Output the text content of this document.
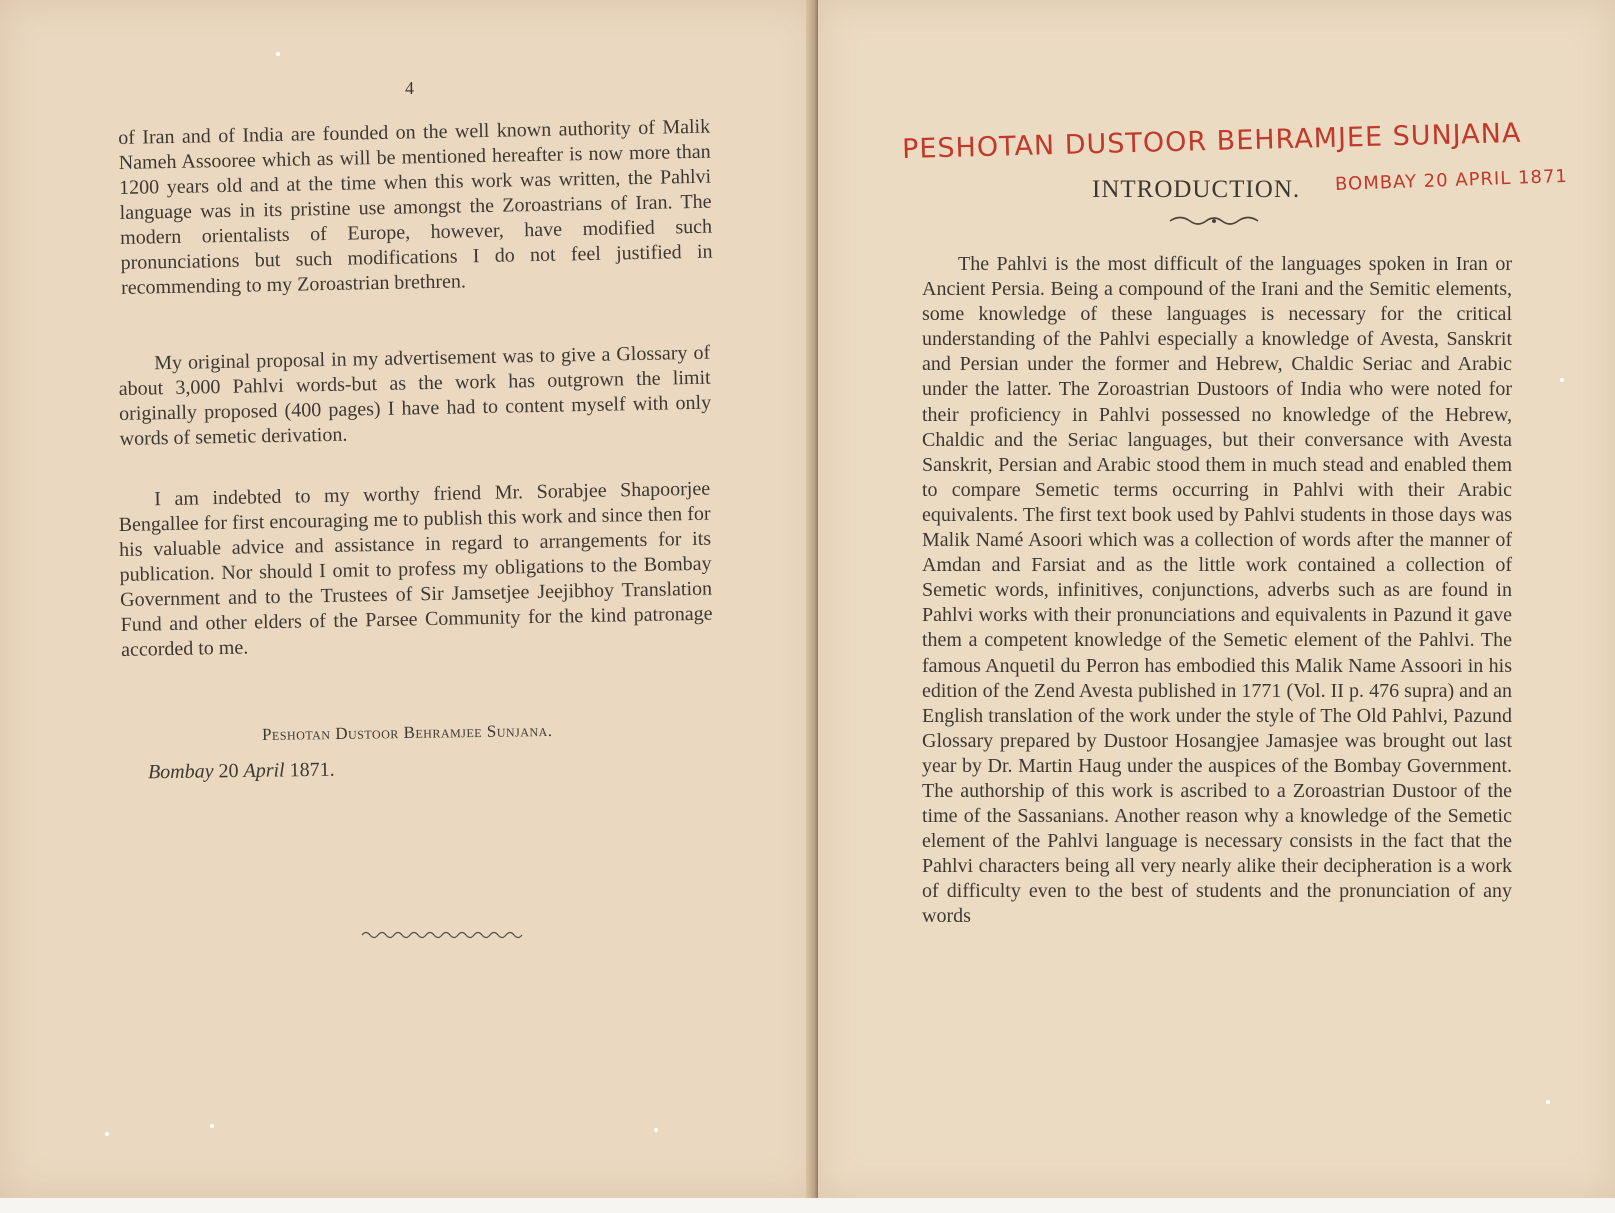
4
of Iran and of India are founded on the well known authority of Malik Nameh Assooree which as will be mentioned hereafter is now more than 1200 years old and at the time when this work was written, the Pahlvi language was in its pristine use amongst the Zoroastrians of Iran. The modern orientalists of Europe, however, have modified such pronunciations but such modifications I do not feel justified in recommending to my Zoroastrian brethren.
My original proposal in my advertisement was to give a Glossary of about 3,000 Pahlvi words-but as the work has outgrown the limit originally proposed (400 pages) I have had to content myself with only words of semetic derivation.
I am indebted to my worthy friend Mr. Sorabjee Shapoorjee Bengallee for first encouraging me to publish this work and since then for his valuable advice and assistance in regard to arrangements for its publication. Nor should I omit to profess my obligations to the Bombay Government and to the Trustees of Sir Jamsetjee Jeejibhoy Translation Fund and other elders of the Parsee Community for the kind patronage accorded to me.
Peshotan Dustoor Behramjee Sunjana.
Bombay 20 April 1871.
PESHOTAN DUSTOOR BEHRAMJEE SUNJANA
INTRODUCTION. BOMBAY 20 APRIL 1871
The Pahlvi is the most difficult of the languages spoken in Iran or Ancient Persia. Being a compound of the Irani and the Semitic elements, some knowledge of these languages is necessary for the critical understanding of the Pahlvi especially a knowledge of Avesta, Sanskrit and Persian under the former and Hebrew, Chaldic Seriac and Arabic under the latter. The Zoroastrian Dustoors of India who were noted for their proficiency in Pahlvi possessed no knowledge of the Hebrew, Chaldic and the Seriac languages, but their conversance with Avesta Sanskrit, Persian and Arabic stood them in much stead and enabled them to compare Semetic terms occurring in Pahlvi with their Arabic equivalents. The first text book used by Pahlvi students in those days was Malik Namé Asoori which was a collection of words after the manner of Amdan and Farsiat and as the little work contained a collection of Semetic words, infinitives, conjunctions, adverbs such as are found in Pahlvi works with their pronunciations and equivalents in Pazund it gave them a competent knowledge of the Semetic element of the Pahlvi. The famous Anquetil du Perron has embodied this Malik Name Assoori in his edition of the Zend Avesta published in 1771 (Vol. II p. 476 supra) and an English translation of the work under the style of The Old Pahlvi, Pazund Glossary prepared by Dustoor Hosangjee Jamasjee was brought out last year by Dr. Martin Haug under the auspices of the Bombay Government. The authorship of this work is ascribed to a Zoroastrian Dustoor of the time of the Sassanians. Another reason why a knowledge of the Semetic element of the Pahlvi language is necessary consists in the fact that the Pahlvi characters being all very nearly alike their decipheration is a work of difficulty even to the best of students and the pronunciation of any words
